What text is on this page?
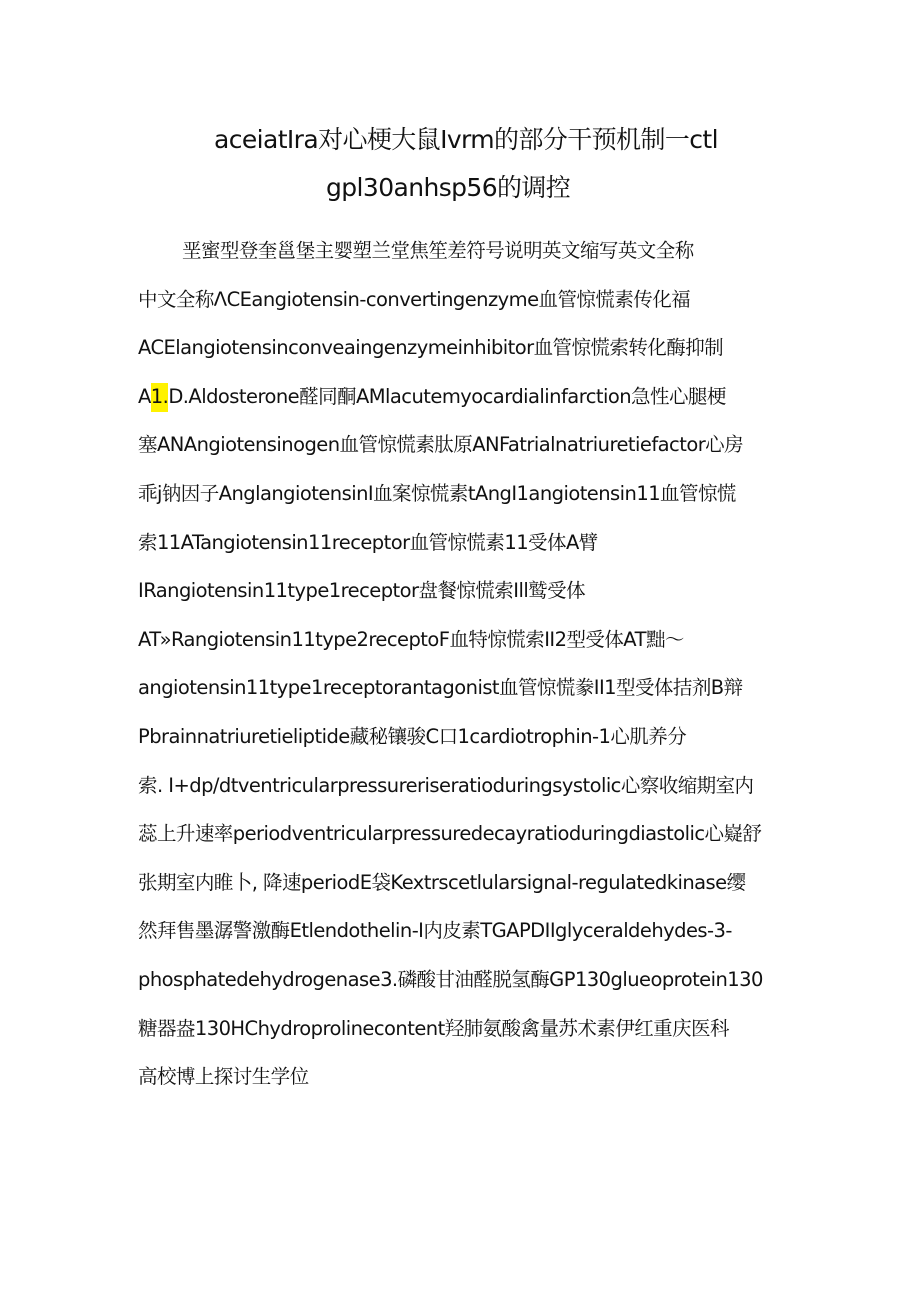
aceiatIra对心梗大鼠Ivrm的部分干预机制一ctl
gpl30anhsp56的调控
垩蜜型登奎邕堡主婴塑兰堂焦笙差符号说明英文缩写英文全称
中文全称ΛCEangiotensin-convertingenzyme血管惊慌素传化福
ACElangiotensinconveaingenzymeinhibitor血管惊慌索转化酶抑制
A1.D.Aldosterone醛同酮AMlacutemyocardialinfarction急性心腿梗
塞ANAngiotensinogen血管惊慌素肽原ANFatrialnatriuretiefactor心房
乖j钠因子AnglangiotensinI血案惊慌素tAngI1angiotensin11血管惊慌
索11ATangiotensin11receptor血管惊慌素11受体A臂
IRangiotensin11type1receptor盘餐惊慌索Ill鹫受体
AT»Rangiotensin11type2receptoF血特惊慌索II2型受体AT黜～
angiotensin11type1receptorantagonist血管惊慌豢II1型受体拮剂B辩
Pbrainnatriuretieliptide藏秘镶骏C口1cardiotrophin-1心肌养分
索. I+dp/dtventricularpressureriseratioduringsystolic心察收缩期室内
蕊上升速率periodventricularpressuredecayratioduringdiastolic心嶷舒
张期室内睢卜, 降速periodE袋Kextrscetlularsignal-regulatedkinase缨
然拜售墨潺警激酶Etlendothelin-I内皮素TGAPDIIglyceraldehydes-3-
phosphatedehydrogenase3.磷酸甘油醛脱氢酶GP130glueoprotein130
糖器盎130HChydroprolinecontent羟肺氨酸禽量苏术素伊红重庆医科
高校博上探讨生学位
